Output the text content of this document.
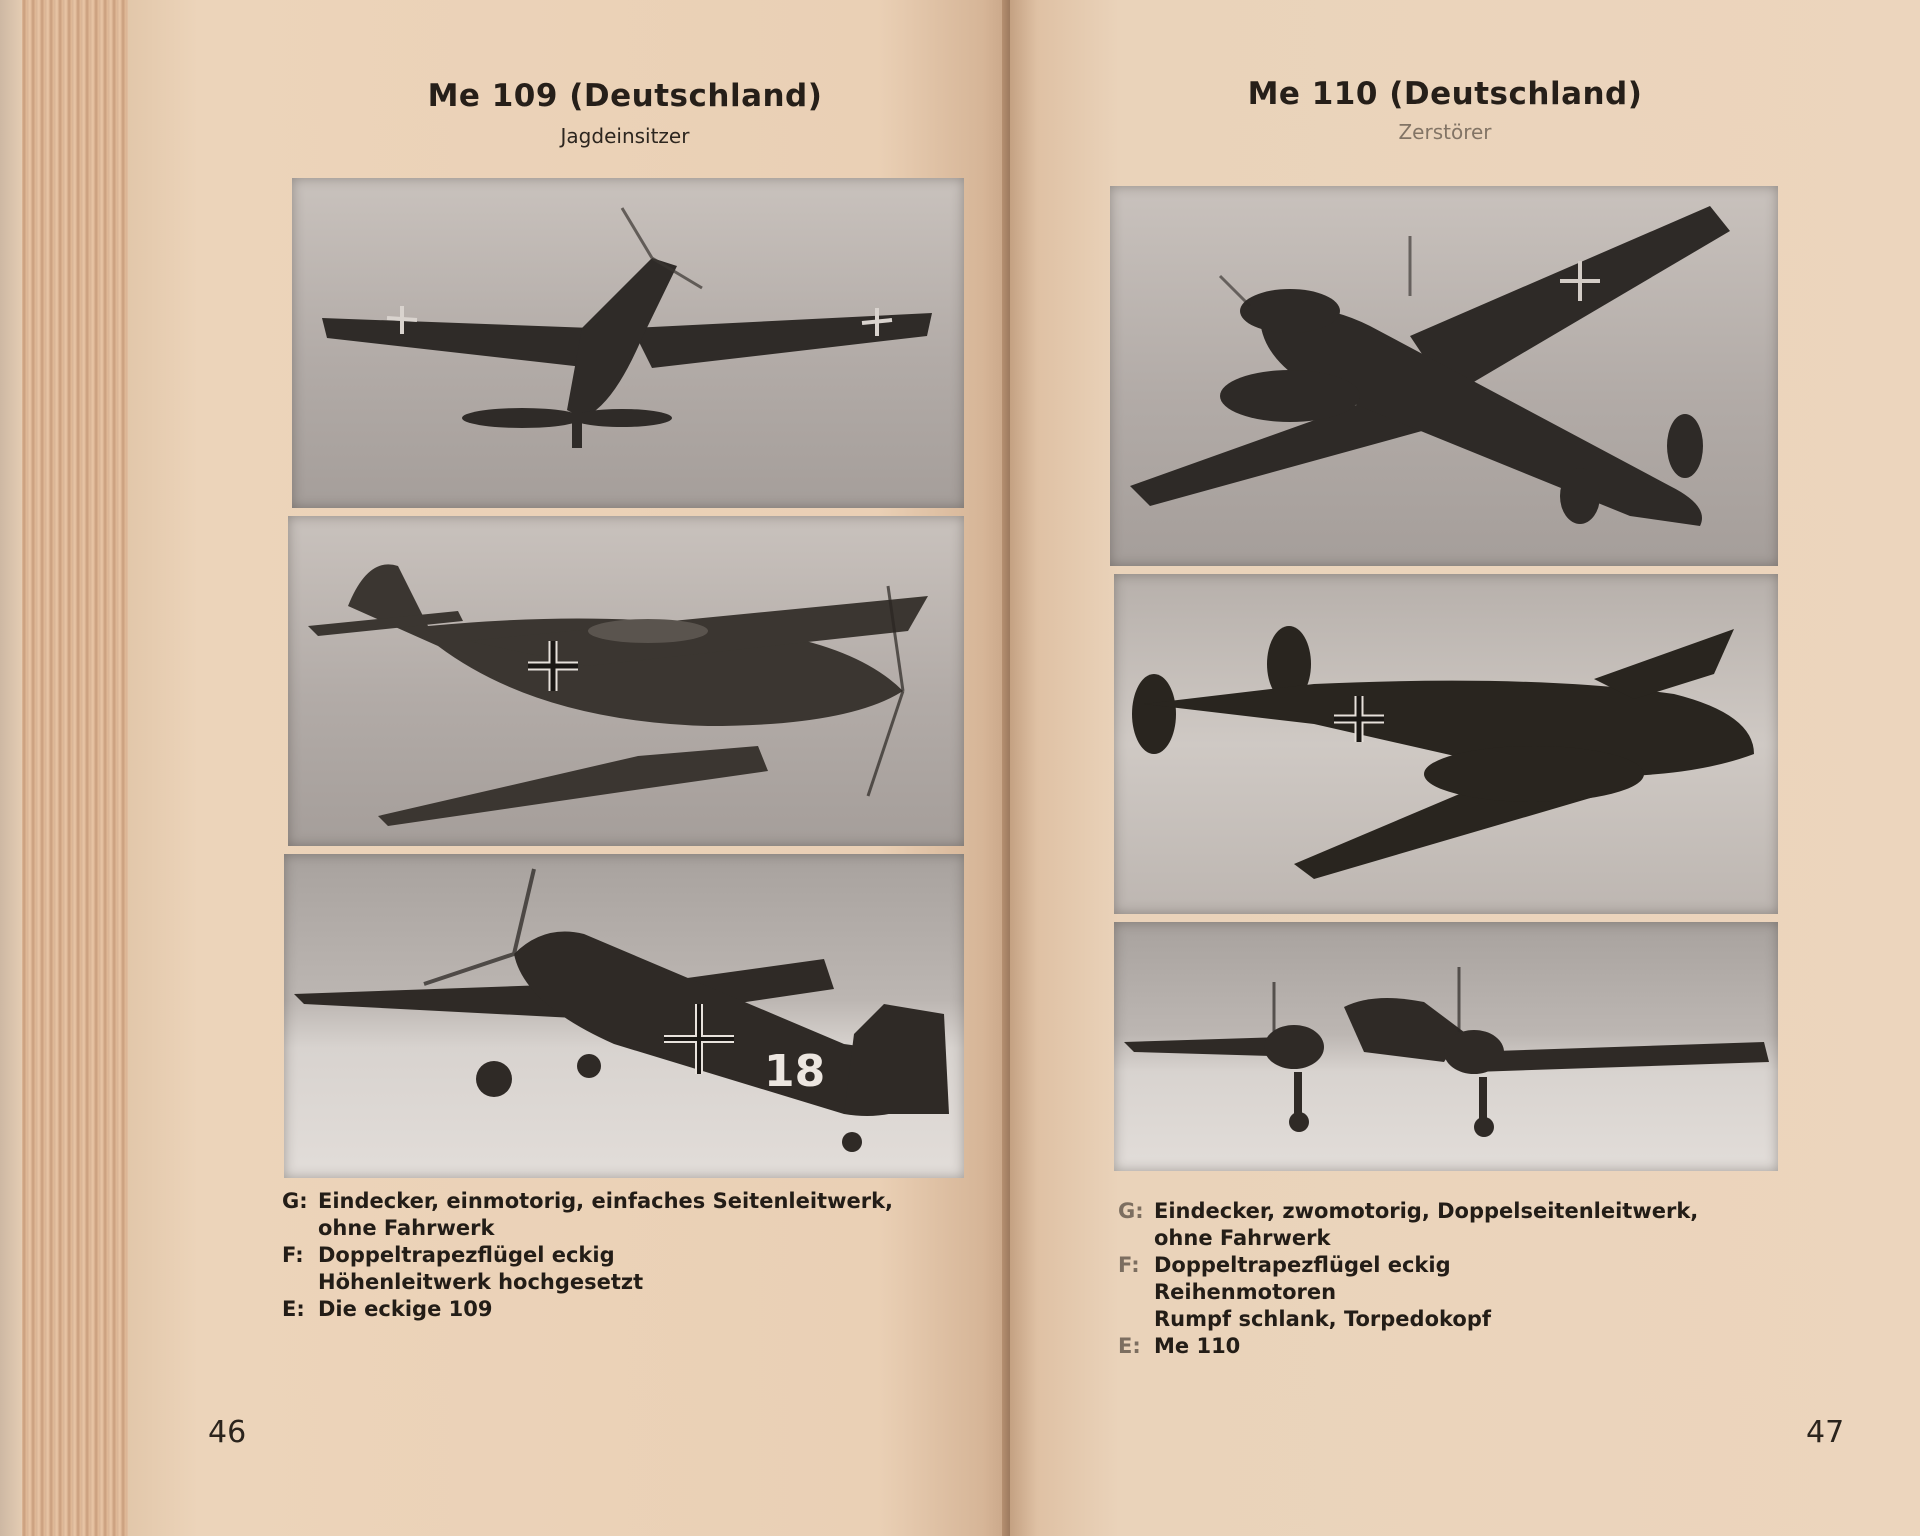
Me 109 (Deutschland)
Jagdeinsitzer
18
G: Eindecker, einmotorig, einfaches Seitenleitwerk,
ohne Fahrwerk
F: Doppeltrapezflügel eckig
Höhenleitwerk hochgesetzt
E: Die eckige 109
46
Me 110 (Deutschland)
Zerstörer
G: Eindecker, zwomotorig, Doppelseitenleitwerk,
ohne Fahrwerk
F: Doppeltrapezflügel eckig
Reihenmotoren
Rumpf schlank, Torpedokopf
E: Me 110
47
